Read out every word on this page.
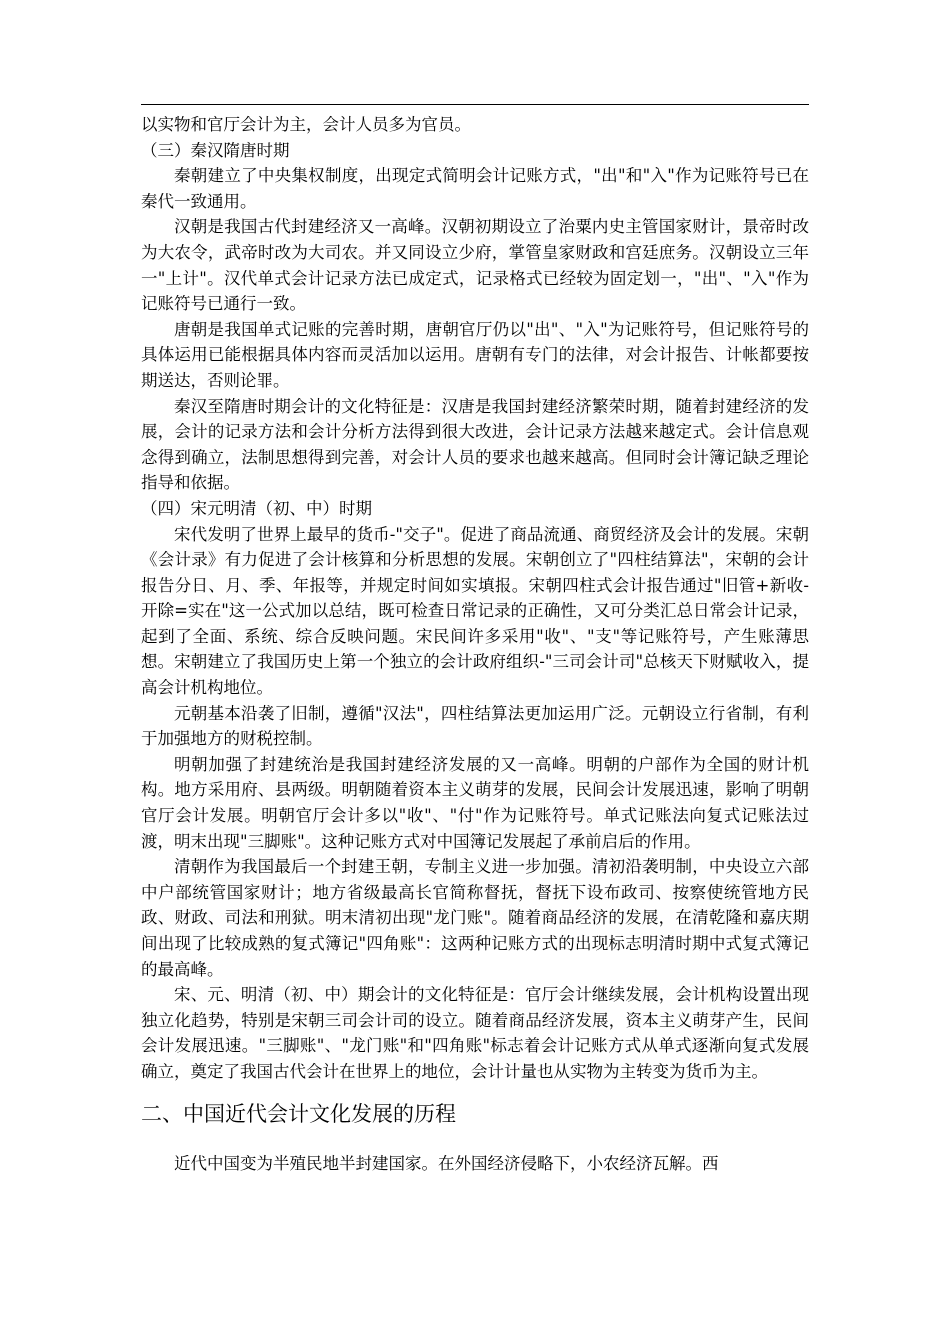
以实物和官厅会计为主，会计人员多为官员。

（三）秦汉隋唐时期

秦朝建立了中央集权制度，出现定式简明会计记账方式，"出"和"入"作为记账符号已在秦代一致通用。

汉朝是我国古代封建经济又一高峰。汉朝初期设立了治粟内史主管国家财计，景帝时改为大农令，武帝时改为大司农。并又同设立少府，掌管皇家财政和宫廷庶务。汉朝设立三年一"上计"。汉代单式会计记录方法已成定式，记录格式已经较为固定划一，"出"、"入"作为记账符号已通行一致。

唐朝是我国单式记账的完善时期，唐朝官厅仍以"出"、"入"为记账符号，但记账符号的具体运用已能根据具体内容而灵活加以运用。唐朝有专门的法律，对会计报告、计帐都要按期送达，否则论罪。

秦汉至隋唐时期会计的文化特征是：汉唐是我国封建经济繁荣时期，随着封建经济的发展，会计的记录方法和会计分析方法得到很大改进，会计记录方法越来越定式。会计信息观念得到确立，法制思想得到完善，对会计人员的要求也越来越高。但同时会计簿记缺乏理论指导和依据。

（四）宋元明清（初、中）时期

宋代发明了世界上最早的货币-"交子"。促进了商品流通、商贸经济及会计的发展。宋朝《会计录》有力促进了会计核算和分析思想的发展。宋朝创立了"四柱结算法"，宋朝的会计报告分日、月、季、年报等，并规定时间如实填报。宋朝四柱式会计报告通过"旧管+新收-开除=实在"这一公式加以总结，既可检查日常记录的正确性，又可分类汇总日常会计记录，起到了全面、系统、综合反映问题。宋民间许多采用"收"、"支"等记账符号，产生账薄思想。宋朝建立了我国历史上第一个独立的会计政府组织-"三司会计司"总核天下财赋收入，提高会计机构地位。

元朝基本沿袭了旧制，遵循"汉法"，四柱结算法更加运用广泛。元朝设立行省制，有利于加强地方的财税控制。

明朝加强了封建统治是我国封建经济发展的又一高峰。明朝的户部作为全国的财计机构。地方采用府、县两级。明朝随着资本主义萌芽的发展，民间会计发展迅速，影响了明朝官厅会计发展。明朝官厅会计多以"收"、"付"作为记账符号。单式记账法向复式记账法过渡，明末出现"三脚账"。这种记账方式对中国簿记发展起了承前启后的作用。

清朝作为我国最后一个封建王朝，专制主义进一步加强。清初沿袭明制，中央设立六部中户部统管国家财计；地方省级最高长官简称督抚，督抚下设布政司、按察使统管地方民政、财政、司法和刑狱。明末清初出现"龙门账"。随着商品经济的发展，在清乾隆和嘉庆期间出现了比较成熟的复式簿记"四角账"：这两种记账方式的出现标志明清时期中式复式簿记的最高峰。

宋、元、明清（初、中）期会计的文化特征是：官厅会计继续发展，会计机构设置出现独立化趋势，特别是宋朝三司会计司的设立。随着商品经济发展，资本主义萌芽产生，民间会计发展迅速。"三脚账"、"龙门账"和"四角账"标志着会计记账方式从单式逐渐向复式发展确立，奠定了我国古代会计在世界上的地位，会计计量也从实物为主转变为货币为主。

二、中国近代会计文化发展的历程

近代中国变为半殖民地半封建国家。在外国经济侵略下，小农经济瓦解。西
